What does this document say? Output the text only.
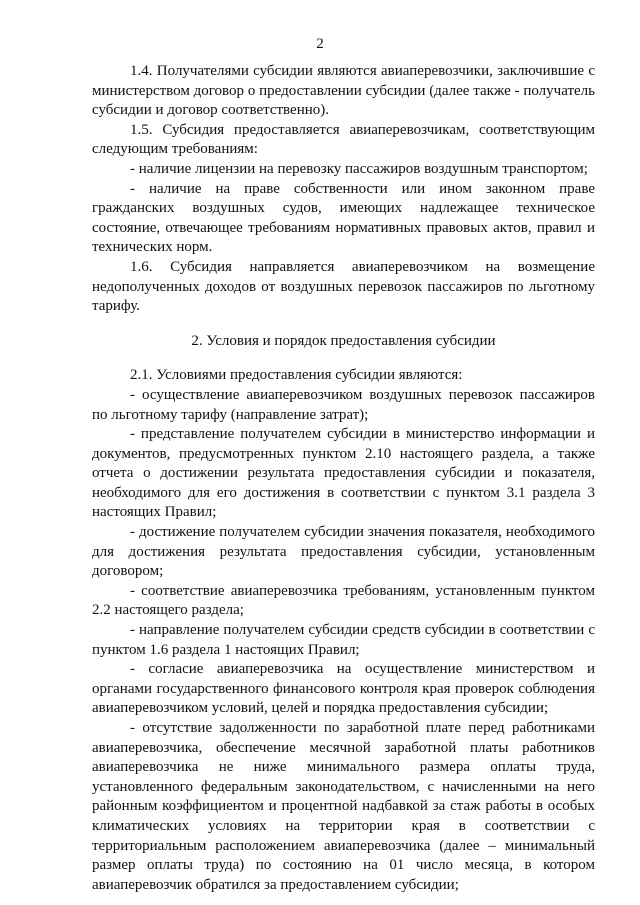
2

1.4. Получателями субсидии являются авиаперевозчики, заключившие с министерством договор о предоставлении субсидии (далее также - получатель субсидии и договор соответственно).

1.5. Субсидия предоставляется авиаперевозчикам, соответствующим следующим требованиям:

- наличие лицензии на перевозку пассажиров воздушным транспортом;

- наличие на праве собственности или ином законном праве гражданских воздушных судов, имеющих надлежащее техническое состояние, отвечающее требованиям нормативных правовых актов, правил и технических норм.

1.6. Субсидия направляется авиаперевозчиком на возмещение недополученных доходов от воздушных перевозок пассажиров по льготному тарифу.

2. Условия и порядок предоставления субсидии

2.1. Условиями предоставления субсидии являются:

- осуществление авиаперевозчиком воздушных перевозок пассажиров по льготному тарифу (направление затрат);

- представление получателем субсидии в министерство информации и документов, предусмотренных пунктом 2.10 настоящего раздела, а также отчета о достижении результата предоставления субсидии и показателя, необходимого для его достижения в соответствии с пунктом 3.1 раздела 3 настоящих Правил;

- достижение получателем субсидии значения показателя, необходимого для достижения результата предоставления субсидии, установленным договором;

- соответствие авиаперевозчика требованиям, установленным пунктом 2.2 настоящего раздела;

- направление получателем субсидии средств субсидии в соответствии с пунктом 1.6 раздела 1 настоящих Правил;

- согласие авиаперевозчика на осуществление министерством и органами государственного финансового контроля края проверок соблюдения авиаперевозчиком условий, целей и порядка предоставления субсидии;

- отсутствие задолженности по заработной плате перед работниками авиаперевозчика, обеспечение месячной заработной платы работников авиаперевозчика не ниже минимального размера оплаты труда, установленного федеральным законодательством, с начисленными на него районным коэффициентом и процентной надбавкой за стаж работы в особых климатических условиях на территории края в соответствии с территориальным расположением авиаперевозчика (далее – минимальный размер оплаты труда) по состоянию на 01 число месяца, в котором авиаперевозчик обратился за предоставлением субсидии;
